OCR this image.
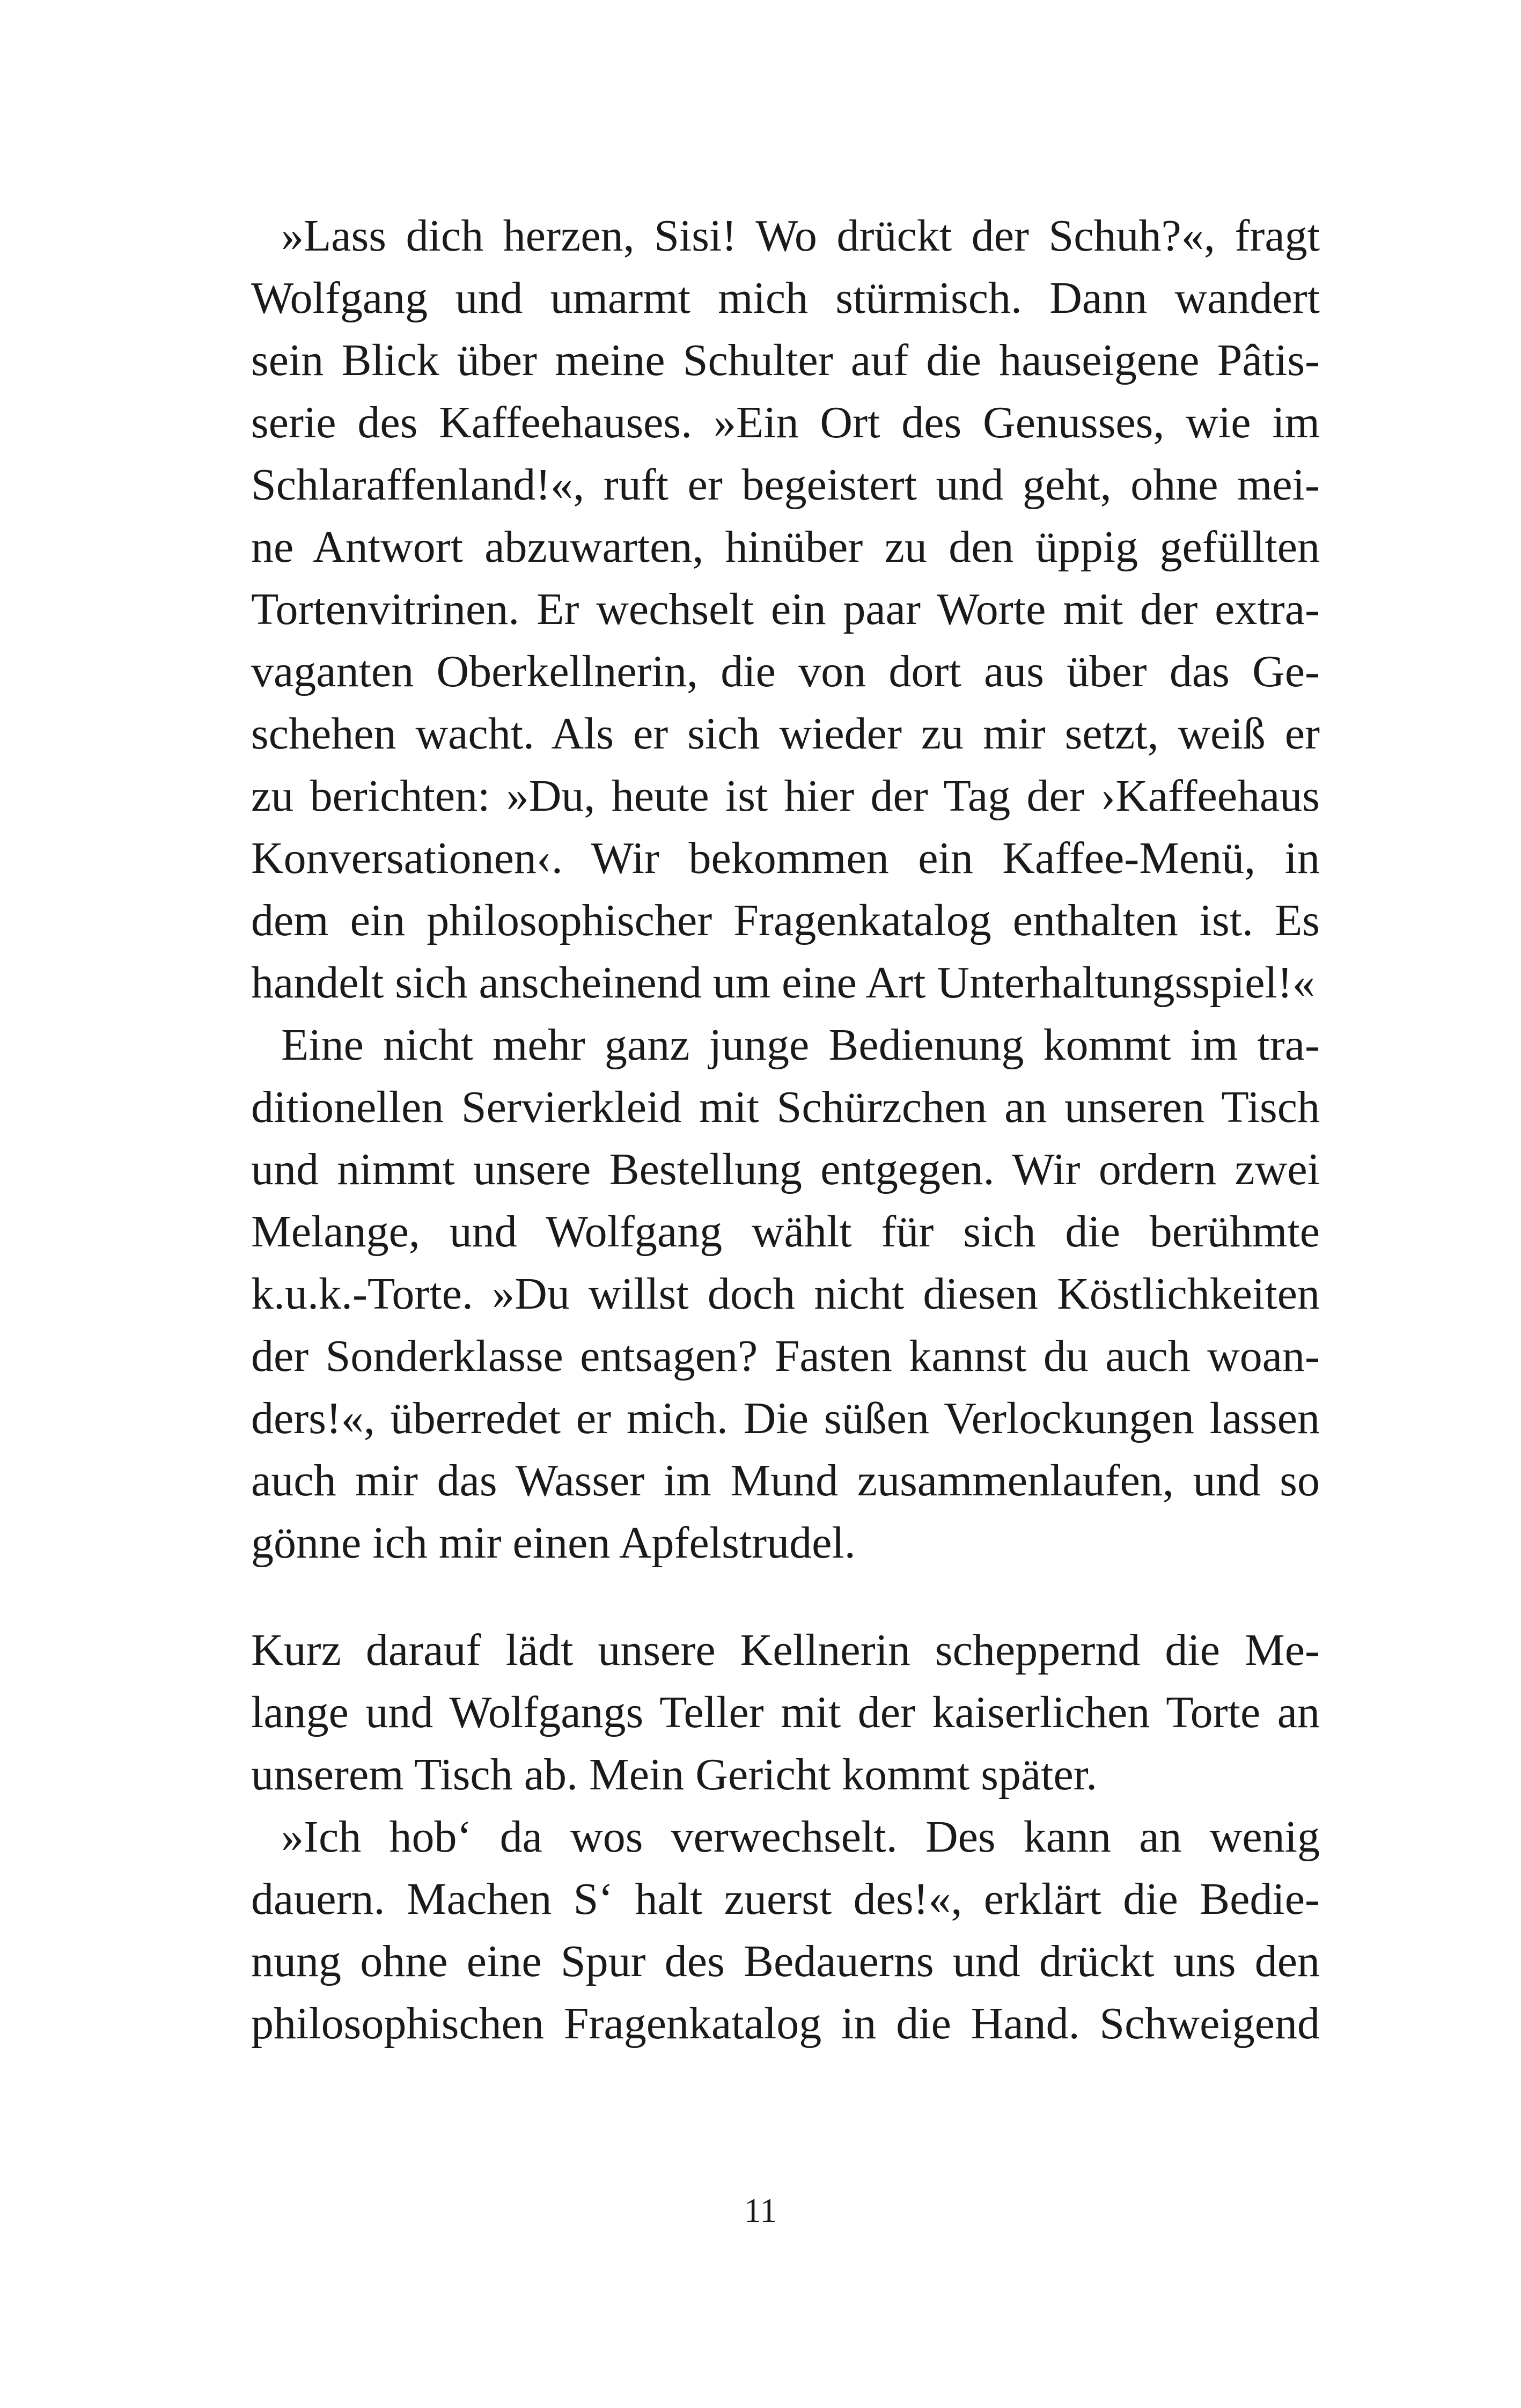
»Lass dich herzen, Sisi! Wo drückt der Schuh?«, fragt
Wolfgang und umarmt mich stürmisch. Dann wandert
sein Blick über meine Schulter auf die hauseigene Pâtis-
serie des Kaffeehauses. »Ein Ort des Genusses, wie im
Schlaraffenland!«, ruft er begeistert und geht, ohne mei-
ne Antwort abzuwarten, hinüber zu den üppig gefüllten
Tortenvitrinen. Er wechselt ein paar Worte mit der extra-
vaganten Oberkellnerin, die von dort aus über das Ge-
schehen wacht. Als er sich wieder zu mir setzt, weiß er
zu berichten: »Du, heute ist hier der Tag der ›Kaffeehaus
Konversationen‹. Wir bekommen ein Kaffee-Menü, in
dem ein philosophischer Fragenkatalog enthalten ist. Es
handelt sich anscheinend um eine Art Unterhaltungsspiel!«
Eine nicht mehr ganz junge Bedienung kommt im tra-
ditionellen Servierkleid mit Schürzchen an unseren Tisch
und nimmt unsere Bestellung entgegen. Wir ordern zwei
Melange, und Wolfgang wählt für sich die berühmte
k.u.k.-Torte. »Du willst doch nicht diesen Köstlichkeiten
der Sonderklasse entsagen? Fasten kannst du auch woan-
ders!«, überredet er mich. Die süßen Verlockungen lassen
auch mir das Wasser im Mund zusammenlaufen, und so
gönne ich mir einen Apfelstrudel.
Kurz darauf lädt unsere Kellnerin scheppernd die Me-
lange und Wolfgangs Teller mit der kaiserlichen Torte an
unserem Tisch ab. Mein Gericht kommt später.
»Ich hob‘ da wos verwechselt. Des kann an wenig
dauern. Machen S‘ halt zuerst des!«, erklärt die Bedie-
nung ohne eine Spur des Bedauerns und drückt uns den
philosophischen Fragenkatalog in die Hand. Schweigend
11
